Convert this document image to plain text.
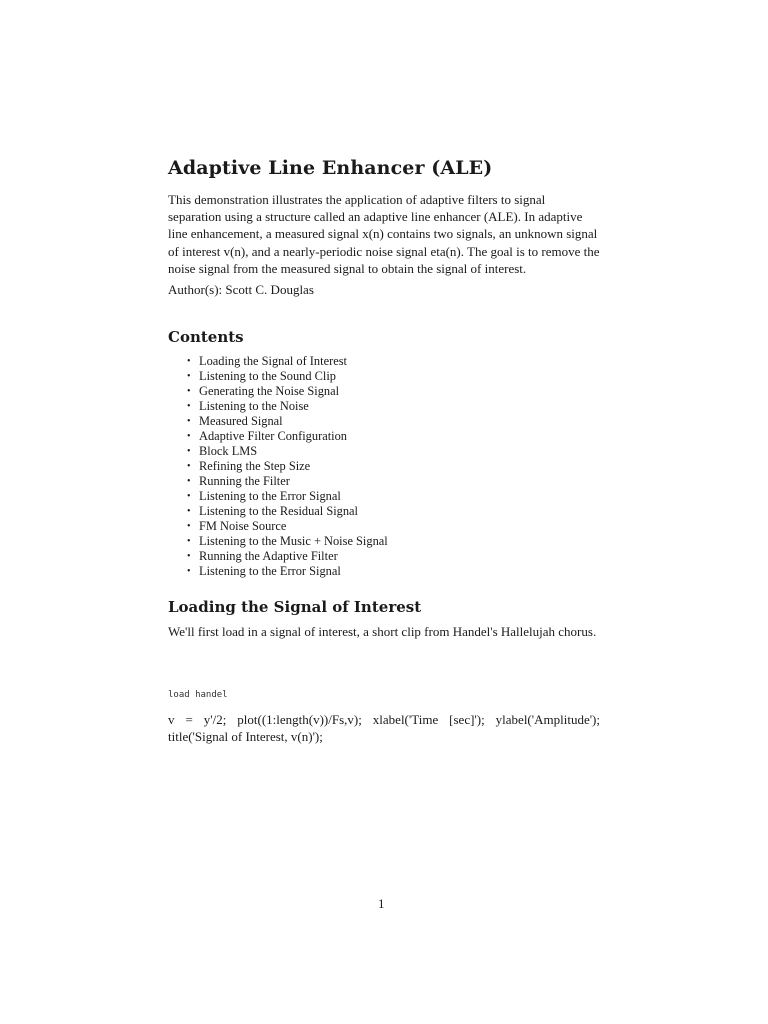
Adaptive Line Enhancer (ALE)

This demonstration illustrates the application of adaptive filters to signal separation using a structure called an adaptive line enhancer (ALE). In adaptive line enhancement, a measured signal x(n) contains two signals, an unknown signal of interest v(n), and a nearly-periodic noise signal eta(n). The goal is to remove the noise signal from the measured signal to obtain the signal of interest.

Author(s): Scott C. Douglas

Contents
• Loading the Signal of Interest
• Listening to the Sound Clip
• Generating the Noise Signal
• Listening to the Noise
• Measured Signal
• Adaptive Filter Configuration
• Block LMS
• Refining the Step Size
• Running the Filter
• Listening to the Error Signal
• Listening to the Residual Signal
• FM Noise Source
• Listening to the Music + Noise Signal
• Running the Adaptive Filter
• Listening to the Error Signal
Loading the Signal of Interest

We'll first load in a signal of interest, a short clip from Handel's Hallelujah chorus.

load handel

v = y'/2; plot((1:length(v))/Fs,v); xlabel('Time [sec]'); ylabel('Amplitude'); title('Signal of Interest, v(n)');

1
